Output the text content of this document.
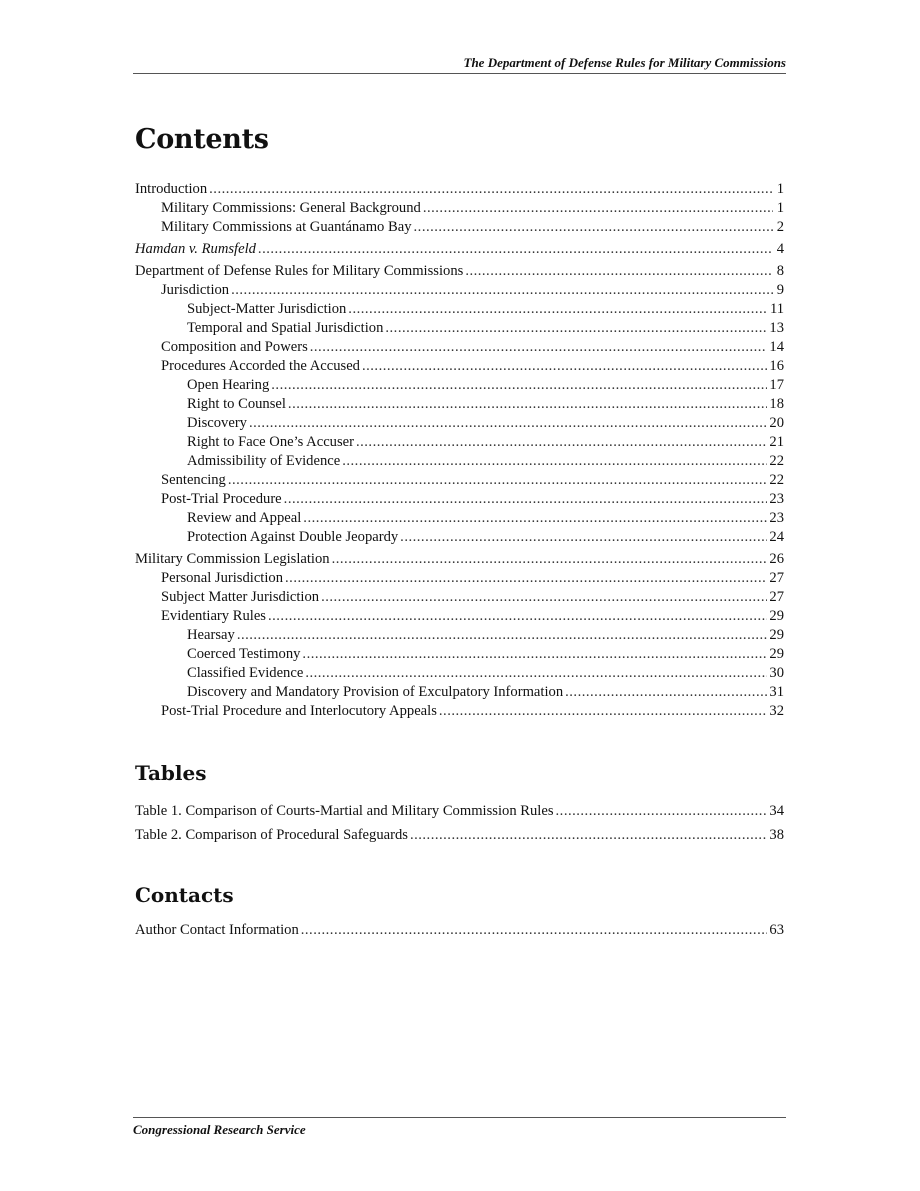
The Department of Defense Rules for Military Commissions
Contents
Introduction .....	1
Military Commissions: General Background .....	1
Military Commissions at Guantánamo Bay .....	2
Hamdan v. Rumsfeld .....	4
Department of Defense Rules for Military Commissions .....	8
Jurisdiction .....	9
Subject-Matter Jurisdiction .....	11
Temporal and Spatial Jurisdiction .....	13
Composition and Powers .....	14
Procedures Accorded the Accused .....	16
Open Hearing .....	17
Right to Counsel .....	18
Discovery .....	20
Right to Face One’s Accuser .....	21
Admissibility of Evidence .....	22
Sentencing .....	22
Post-Trial Procedure .....	23
Review and Appeal .....	23
Protection Against Double Jeopardy .....	24
Military Commission Legislation .....	26
Personal Jurisdiction .....	27
Subject Matter Jurisdiction .....	27
Evidentiary Rules .....	29
Hearsay .....	29
Coerced Testimony .....	29
Classified Evidence .....	30
Discovery and Mandatory Provision of Exculpatory Information .....	31
Post-Trial Procedure and Interlocutory Appeals .....	32
Tables
Table 1. Comparison of Courts-Martial and Military Commission Rules .....	34
Table 2. Comparison of Procedural Safeguards .....	38
Contacts
Author Contact Information .....	63
Congressional Research Service
